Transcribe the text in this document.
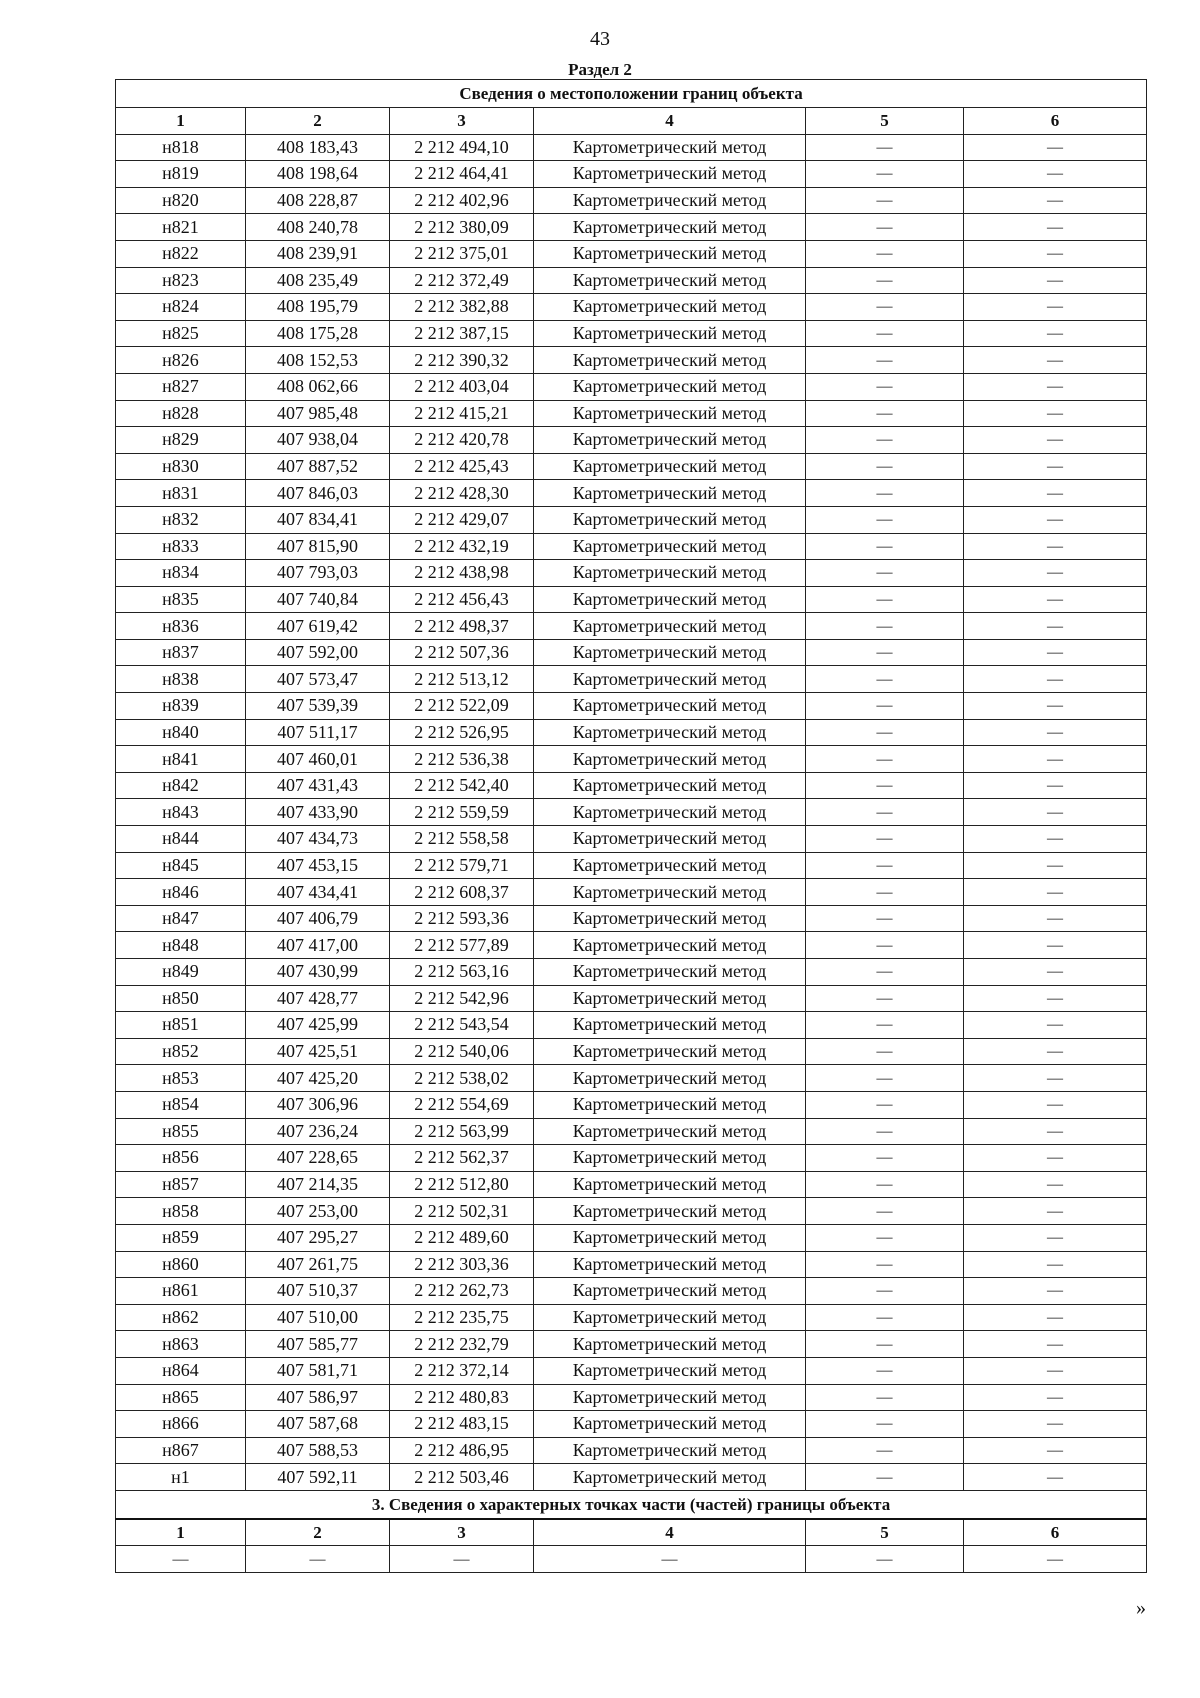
43
Раздел 2
Сведения о местоположении границ объекта					
1	2	3	4	5	6
н818	408 183,43	2 212 494,10	Картометрический метод	—	—
н819	408 198,64	2 212 464,41	Картометрический метод	—	—
н820	408 228,87	2 212 402,96	Картометрический метод	—	—
н821	408 240,78	2 212 380,09	Картометрический метод	—	—
н822	408 239,91	2 212 375,01	Картометрический метод	—	—
н823	408 235,49	2 212 372,49	Картометрический метод	—	—
н824	408 195,79	2 212 382,88	Картометрический метод	—	—
н825	408 175,28	2 212 387,15	Картометрический метод	—	—
н826	408 152,53	2 212 390,32	Картометрический метод	—	—
н827	408 062,66	2 212 403,04	Картометрический метод	—	—
н828	407 985,48	2 212 415,21	Картометрический метод	—	—
н829	407 938,04	2 212 420,78	Картометрический метод	—	—
н830	407 887,52	2 212 425,43	Картометрический метод	—	—
н831	407 846,03	2 212 428,30	Картометрический метод	—	—
н832	407 834,41	2 212 429,07	Картометрический метод	—	—
н833	407 815,90	2 212 432,19	Картометрический метод	—	—
н834	407 793,03	2 212 438,98	Картометрический метод	—	—
н835	407 740,84	2 212 456,43	Картометрический метод	—	—
н836	407 619,42	2 212 498,37	Картометрический метод	—	—
н837	407 592,00	2 212 507,36	Картометрический метод	—	—
н838	407 573,47	2 212 513,12	Картометрический метод	—	—
н839	407 539,39	2 212 522,09	Картометрический метод	—	—
н840	407 511,17	2 212 526,95	Картометрический метод	—	—
н841	407 460,01	2 212 536,38	Картометрический метод	—	—
н842	407 431,43	2 212 542,40	Картометрический метод	—	—
н843	407 433,90	2 212 559,59	Картометрический метод	—	—
н844	407 434,73	2 212 558,58	Картометрический метод	—	—
н845	407 453,15	2 212 579,71	Картометрический метод	—	—
н846	407 434,41	2 212 608,37	Картометрический метод	—	—
н847	407 406,79	2 212 593,36	Картометрический метод	—	—
н848	407 417,00	2 212 577,89	Картометрический метод	—	—
н849	407 430,99	2 212 563,16	Картометрический метод	—	—
н850	407 428,77	2 212 542,96	Картометрический метод	—	—
н851	407 425,99	2 212 543,54	Картометрический метод	—	—
н852	407 425,51	2 212 540,06	Картометрический метод	—	—
н853	407 425,20	2 212 538,02	Картометрический метод	—	—
н854	407 306,96	2 212 554,69	Картометрический метод	—	—
н855	407 236,24	2 212 563,99	Картометрический метод	—	—
н856	407 228,65	2 212 562,37	Картометрический метод	—	—
н857	407 214,35	2 212 512,80	Картометрический метод	—	—
н858	407 253,00	2 212 502,31	Картометрический метод	—	—
н859	407 295,27	2 212 489,60	Картометрический метод	—	—
н860	407 261,75	2 212 303,36	Картометрический метод	—	—
н861	407 510,37	2 212 262,73	Картометрический метод	—	—
н862	407 510,00	2 212 235,75	Картометрический метод	—	—
н863	407 585,77	2 212 232,79	Картометрический метод	—	—
н864	407 581,71	2 212 372,14	Картометрический метод	—	—
н865	407 586,97	2 212 480,83	Картометрический метод	—	—
н866	407 587,68	2 212 483,15	Картометрический метод	—	—
н867	407 588,53	2 212 486,95	Картометрический метод	—	—
н1	407 592,11	2 212 503,46	Картометрический метод	—	—
3. Сведения о характерных точках части (частей) границы объекта					
1	2	3	4	5	6
—	—	—	—	—	—
»
